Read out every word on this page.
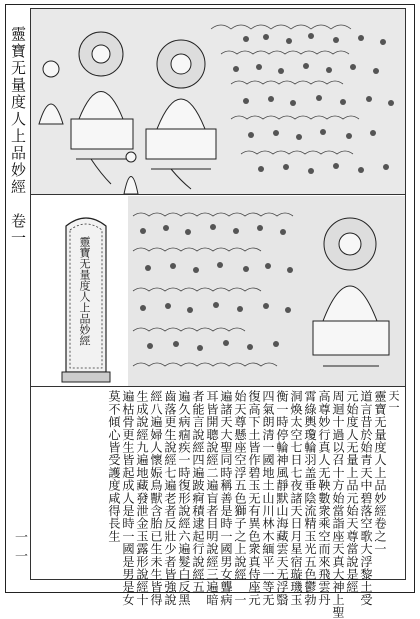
靈寶无量度人上品妙經　卷一
一一
靈寶无量度人上品妙經
天一
靈寶无量度人上品妙經卷之一
道言昔於始青天中碧落空歌大浮黎土受
元始度人无量上品元始天尊當說是經
周迴十過以召十方始當詣座天真大神上聖
高尊妙行真人无鞅數衆乘空而來飛雲丹
霄綠輿瓊輪羽盖垂陰流精玉光五色鬱勃
洞煥太空七日七夜諸天日月星宿璇璣玉
衡一時停輪神風靜默山海藏雲天无浮翳
四氣朗清一國地土山川林木緬平一等无
復高下土皆作碧玉无有異色衆真侍座元
始天尊懸座空浮五色獅子之上說經　一
遍諸天大聖同時稱善是時一國男女聾病
耳皆開聰說經二遍盲者目明說經三遍暗
者能言說經四遍跛痾積逮起行說經五
遍久病痼疾一時復形說經六遍髮白反黑
齒落更生說經七遍老者反壯少者皆強說
經八遍婦人懷娠鳥獸含胎已生未生皆得
生成說經九遍地藏發泄金玉露形說經十
遍枯骨更生皆起成人是時一國是男是女
莫不傾心皆受護度咸得長生
